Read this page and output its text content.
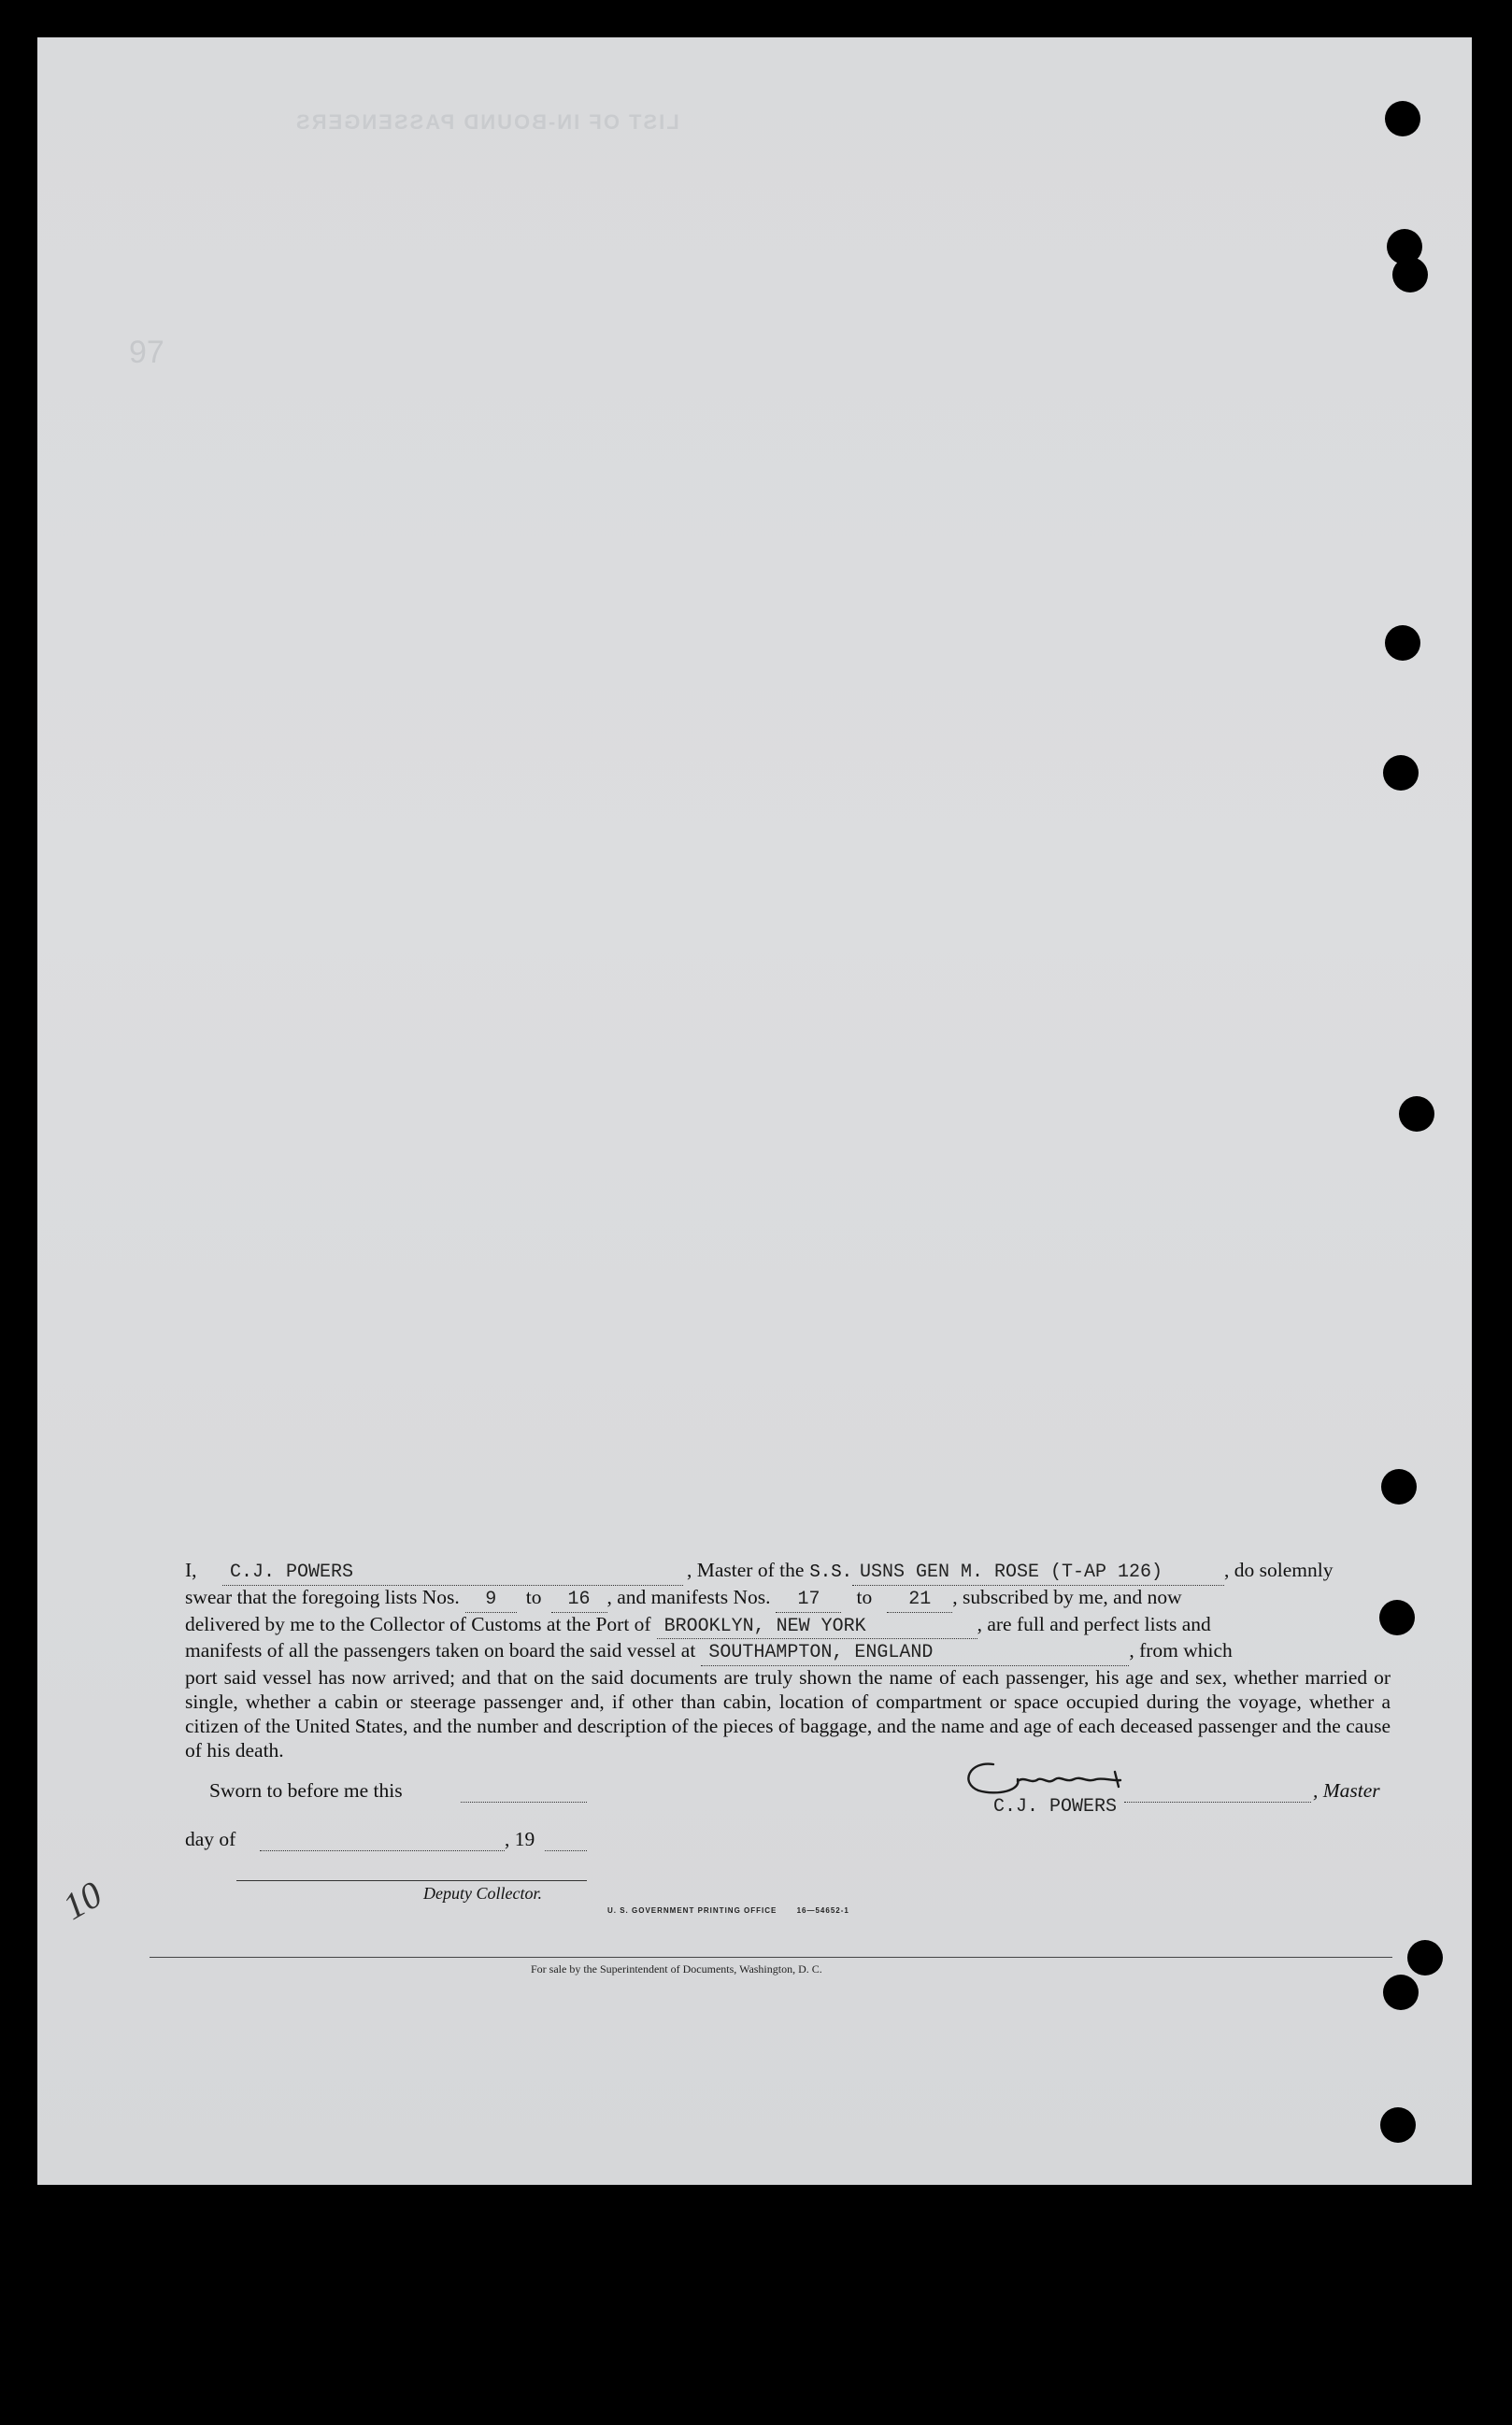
LIST OF IN-BOUND PASSENGERS
97
I,	C.J. POWERS	, Master of the S.S. USNS GEN M. ROSE (T-AP 126)	, do solemnly
swear that the foregoing lists Nos.	9	to	16 , and manifests Nos.	17	to	21	, subscribed by me, and now
delivered by me to the Collector of Customs at the Port of BROOKLYN, NEW YORK	, are full and perfect lists and
manifests of all the passengers taken on board the said vessel at SOUTHAMPTON, ENGLAND	, from which
port said vessel has now arrived; and that on the said documents are truly shown the name of each passenger, his age and sex, whether married or single, whether a cabin or steerage passenger and, if other than cabin, location of compartment or space occupied during the voyage, whether a citizen of the United States, and the number and description of the pieces of baggage, and the name and age of each deceased passenger and the cause of his death.
Sworn to before me this	, Master
C.J. POWERS
day of	, 19
Deputy Collector.
10	U. S. GOVERNMENT PRINTING OFFICE	16—54652-1
For sale by the Superintendent of Documents, Washington, D. C.
